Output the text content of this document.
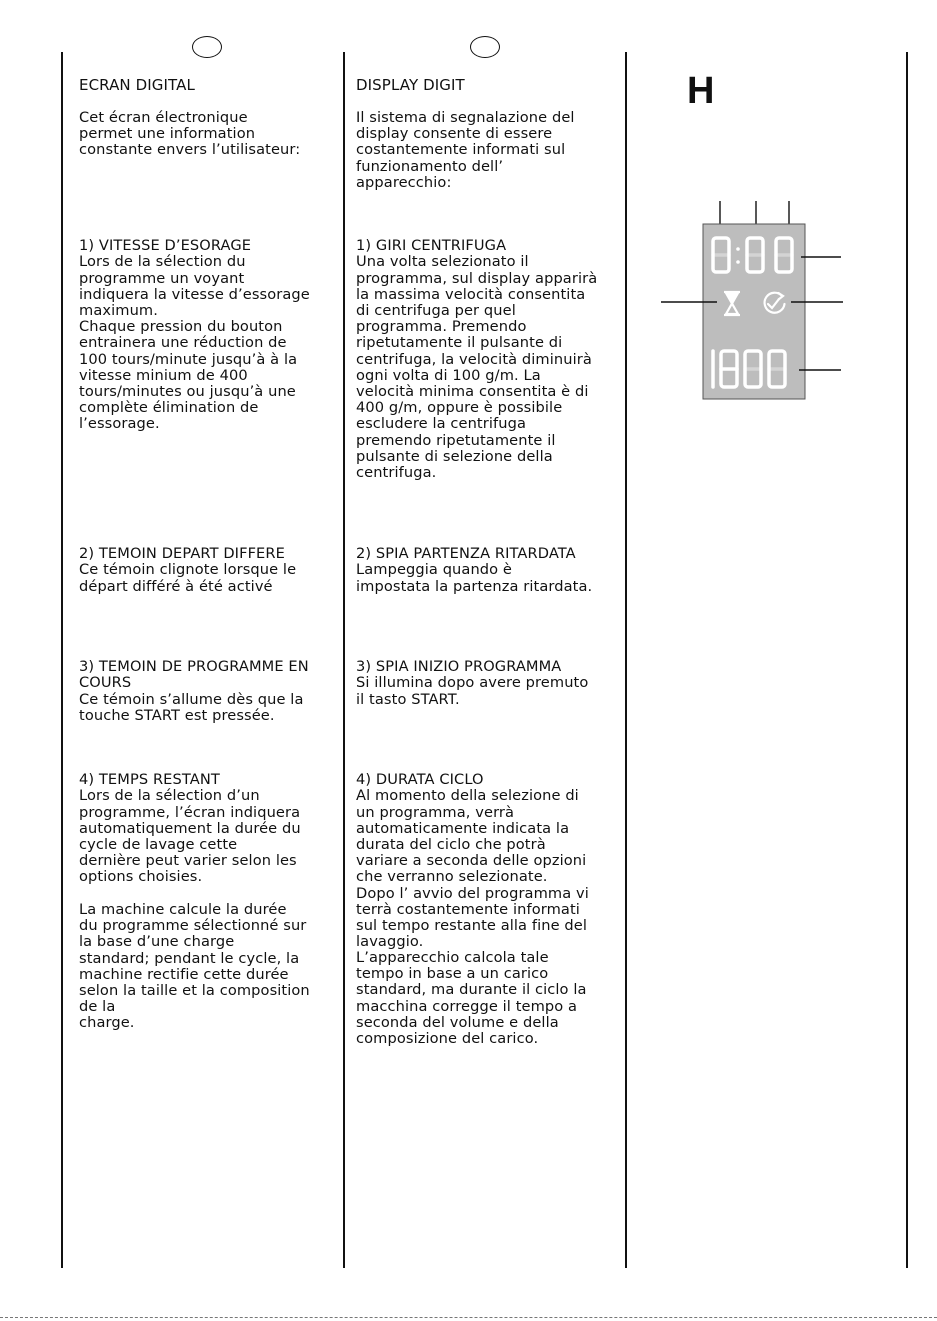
ECRAN DIGITAL
Cet écran électronique
permet une information
constante envers l’utilisateur:

1) VITESSE D’ESORAGE
Lors de la sélection du
programme un voyant
indiquera la vitesse d’essorage
maximum.
Chaque pression du bouton
entrainera une réduction de
100 tours/minute jusqu’à à la
vitesse minium de 400
tours/minutes ou jusqu’à une
complète élimination de
l’essorage.

2) TEMOIN DEPART DIFFERE
Ce témoin clignote lorsque le
départ différé à été activé

3) TEMOIN DE PROGRAMME EN
COURS
Ce témoin s’allume dès que la
touche START est pressée.

4) TEMPS RESTANT
Lors de la sélection d’un
programme, l’écran indiquera
automatiquement la durée du
cycle de lavage cette
dernière peut varier selon les
options choisies.

La machine calcule la durée
du programme sélectionné sur
la base d’une charge
standard; pendant le cycle, la
machine rectifie cette durée
selon la taille et la composition
de la
charge.
DISPLAY DIGIT
Il sistema di segnalazione del
display consente di essere
costantemente informati sul
funzionamento dell’
apparecchio:

1) GIRI CENTRIFUGA
Una volta selezionato il
programma, sul display apparirà
la massima velocità consentita
di centrifuga per quel
programma. Premendo
ripetutamente il pulsante di
centrifuga, la velocità diminuirà
ogni volta di 100 g/m. La
velocità minima consentita è di
400 g/m, oppure è possibile
escludere la centrifuga
premendo ripetutamente il
pulsante di selezione della
centrifuga.

2) SPIA PARTENZA RITARDATA
Lampeggia quando è
impostata la partenza ritardata.

3) SPIA INIZIO PROGRAMMA
Si illumina dopo avere premuto
il tasto START.

4) DURATA CICLO
Al momento della selezione di
un programma, verrà
automaticamente indicata la
durata del ciclo che potrà
variare a seconda delle opzioni
che verranno selezionate.
Dopo l’ avvio del programma vi
terrà costantemente informati
sul tempo restante alla fine del
lavaggio.

L’apparecchio calcola tale
tempo in base a un carico
standard, ma durante il ciclo la
macchina corregge il tempo a
seconda del volume e della
composizione del carico.
H
